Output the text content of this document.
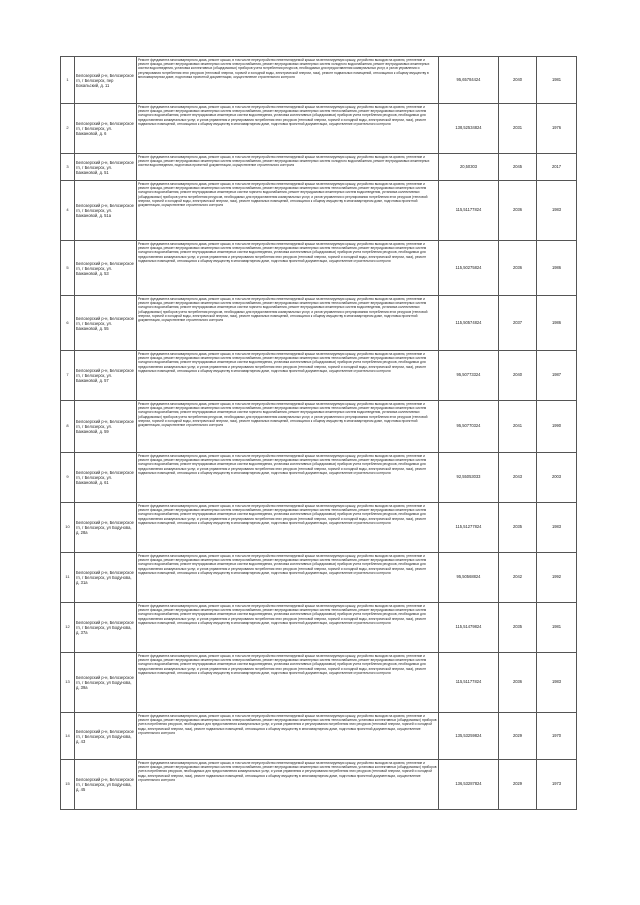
1	Белозерский р-н, Белозерское гп, г Белозерск, пер Бокальский, д. 11	Ремонт фундамента многоквартирного дома, ремонт крыши, в том числе переустройство невентилируемой крыши на вентилируемую крышу, устройство выходов на кровлю, утепление и ремонт фасада, ремонт внутридомовых инженерных систем электроснабжения, ремонт внутридомовых инженерных систем холодного водоснабжения, ремонт внутридомовых инженерных систем водоотведения, установка коллективных (общедомовых) приборов учета потребления ресурсов, необходимых для предоставления коммунальных услуг, и узлов управления и регулирования потребления этих ресурсов (тепловой энергии, горячей и холодной воды, электрической энергии, газа), ремонт подвальных помещений, относящихся к общему имуществу в многоквартирном доме, подготовка проектной документации, осуществление строительного контроля	95,65784424	2040	1981
2	Белозерский р-н, Белозерское гп, г Белозерск, ул. Бажановой, д. 6	Ремонт фундамента многоквартирного дома, ремонт крыши, в том числе переустройство невентилируемой крыши на вентилируемую крышу, устройство выходов на кровлю, утепление и ремонт фасада, ремонт внутридомовых инженерных систем электроснабжения, ремонт внутридомовых инженерных систем теплоснабжения, ремонт внутридомовых инженерных систем холодного водоснабжения, ремонт внутридомовых инженерных систем водоотведения, установка коллективных (общедомовых) приборов учета потребления ресурсов, необходимых для предоставления коммунальных услуг, и узлов управления и регулирования потребления этих ресурсов (тепловой энергии, горячей и холодной воды, электрической энергии, газа), ремонт подвальных помещений, относящихся к общему имуществу в многоквартирном доме, подготовка проектной документации, осуществление строительного контроля	138,52534824	2031	1976
3	Белозерский р-н, Белозерское гп, г Белозерск, ул. Бажановой, д. 51	Ремонт фундамента многоквартирного дома, ремонт крыши, в том числе переустройство невентилируемой крыши на вентилируемую крышу, устройство выходов на кровлю, утепление и ремонт фасада, ремонт внутридомовых инженерных систем электроснабжения, ремонт внутридомовых инженерных систем холодного водоснабжения, ремонт внутридомовых инженерных систем водоотведения, подготовка проектной документации, осуществление строительного контроля	20,50303	2045	2017
4	Белозерский р-н, Белозерское гп, г Белозерск, ул. Бажановой, д. 51а	Ремонт фундамента многоквартирного дома, ремонт крыши, в том числе переустройство невентилируемой крыши на вентилируемую крышу, устройство выходов на кровлю, утепление и ремонт фасада, ремонт внутридомовых инженерных систем электроснабжения, ремонт внутридомовых инженерных систем теплоснабжения, ремонт внутридомовых инженерных систем холодного водоснабжения, ремонт внутридомовых инженерных систем горячего водоснабжения, ремонт внутридомовых инженерных систем водоотведения, установка коллективных (общедомовых) приборов учета потребления ресурсов, необходимых для предоставления коммунальных услуг, и узлов управления и регулирования потребления этих ресурсов (тепловой энергии, горячей и холодной воды, электрической энергии, газа), ремонт подвальных помещений, относящихся к общему имуществу в многоквартирном доме, подготовка проектной документации, осуществление строительного контроля	115,51177824	2036	1983
5	Белозерский р-н, Белозерское гп, г Белозерск, ул. Бажановой, д. 53	Ремонт фундамента многоквартирного дома, ремонт крыши, в том числе переустройство невентилируемой крыши на вентилируемую крышу, устройство выходов на кровлю, утепление и ремонт фасада, ремонт внутридомовых инженерных систем электроснабжения, ремонт внутридомовых инженерных систем теплоснабжения, ремонт внутридомовых инженерных систем холодного водоснабжения, ремонт внутридомовых инженерных систем водоотведения, установка коллективных (общедомовых) приборов учета потребления ресурсов, необходимых для предоставления коммунальных услуг, и узлов управления и регулирования потребления этих ресурсов (тепловой энергии, горячей и холодной воды, электрической энергии, газа), ремонт подвальных помещений, относящихся к общему имуществу в многоквартирном доме, подготовка проектной документации, осуществление строительного контроля	115,50275824	2036	1986
6	Белозерский р-н, Белозерское гп, г Белозерск, ул. Бажановой, д. 55	Ремонт фундамента многоквартирного дома, ремонт крыши, в том числе переустройство невентилируемой крыши на вентилируемую крышу, устройство выходов на кровлю, утепление и ремонт фасада, ремонт внутридомовых инженерных систем электроснабжения, ремонт внутридомовых инженерных систем теплоснабжения, ремонт внутридомовых инженерных систем холодного водоснабжения, ремонт внутридомовых инженерных систем горячего водоснабжения, ремонт внутридомовых инженерных систем водоотведения, установка коллективных (общедомовых) приборов учета потребления ресурсов, необходимых для предоставления коммунальных услуг, и узлов управления и регулирования потребления этих ресурсов (тепловой энергии, горячей и холодной воды, электрической энергии, газа), ремонт подвальных помещений, относящихся к общему имуществу в многоквартирном доме, подготовка проектной документации, осуществление строительного контроля	115,50574824	2037	1986
7	Белозерский р-н, Белозерское гп, г Белозерск, ул. Бажановой, д. 57	Ремонт фундамента многоквартирного дома, ремонт крыши, в том числе переустройство невентилируемой крыши на вентилируемую крышу, устройство выходов на кровлю, утепление и ремонт фасада, ремонт внутридомовых инженерных систем электроснабжения, ремонт внутридомовых инженерных систем теплоснабжения, ремонт внутридомовых инженерных систем холодного водоснабжения, ремонт внутридомовых инженерных систем водоотведения, установка коллективных (общедомовых) приборов учета потребления ресурсов, необходимых для предоставления коммунальных услуг, и узлов управления и регулирования потребления этих ресурсов (тепловой энергии, горячей и холодной воды, электрической энергии, газа), ремонт подвальных помещений, относящихся к общему имуществу в многоквартирном доме, подготовка проектной документации, осуществление строительного контроля	95,50773324	2040	1987
8	Белозерский р-н, Белозерское гп, г Белозерск, ул. Бажановой, д. 59	Ремонт фундамента многоквартирного дома, ремонт крыши, в том числе переустройство невентилируемой крыши на вентилируемую крышу, устройство выходов на кровлю, утепление и ремонт фасада, ремонт внутридомовых инженерных систем электроснабжения, ремонт внутридомовых инженерных систем теплоснабжения, ремонт внутридомовых инженерных систем холодного водоснабжения, ремонт внутридомовых инженерных систем горячего водоснабжения, ремонт внутридомовых инженерных систем водоотведения, установка коллективных (общедомовых) приборов учета потребления ресурсов, необходимых для предоставления коммунальных услуг, и узлов управления и регулирования потребления этих ресурсов (тепловой энергии, горячей и холодной воды, электрической энергии, газа), ремонт подвальных помещений, относящихся к общему имуществу в многоквартирном доме, подготовка проектной документации, осуществление строительного контроля	95,50770324	2041	1990
9	Белозерский р-н, Белозерское гп, г Белозерск, ул. Бажановой, д. 61	Ремонт фундамента многоквартирного дома, ремонт крыши, в том числе переустройство невентилируемой крыши на вентилируемую крышу, устройство выходов на кровлю, утепление и ремонт фасада, ремонт внутридомовых инженерных систем электроснабжения, ремонт внутридомовых инженерных систем теплоснабжения, ремонт внутридомовых инженерных систем холодного водоснабжения, ремонт внутридомовых инженерных систем водоотведения, установка коллективных (общедомовых) приборов учета потребления ресурсов, необходимых для предоставления коммунальных услуг, и узлов управления и регулирования потребления этих ресурсов (тепловой энергии, горячей и холодной воды, электрической энергии, газа), ремонт подвальных помещений, относящихся к общему имуществу в многоквартирном доме, подготовка проектной документации, осуществление строительного контроля	92,55053033	2043	2003
10	Белозерский р-н, Белозерское гп, г Белозерск, ул Бодунова, д. 28а	Ремонт фундамента многоквартирного дома, ремонт крыши, в том числе переустройство невентилируемой крыши на вентилируемую крышу, устройство выходов на кровлю, утепление и ремонт фасада, ремонт внутридомовых инженерных систем электроснабжения, ремонт внутридомовых инженерных систем теплоснабжения, ремонт внутридомовых инженерных систем холодного водоснабжения, ремонт внутридомовых инженерных систем водоотведения, установка коллективных (общедомовых) приборов учета потребления ресурсов, необходимых для предоставления коммунальных услуг, и узлов управления и регулирования потребления этих ресурсов (тепловой энергии, горячей и холодной воды, электрической энергии, газа), ремонт подвальных помещений, относящихся к общему имуществу в многоквартирном доме, подготовка проектной документации, осуществление строительного контроля	115,51277824	2035	1983
11	Белозерский р-н, Белозерское гп, г Белозерск, ул Бодунова, д. 31а	Ремонт фундамента многоквартирного дома, ремонт крыши, в том числе переустройство невентилируемой крыши на вентилируемую крышу, устройство выходов на кровлю, утепление и ремонт фасада, ремонт внутридомовых инженерных систем электроснабжения, ремонт внутридомовых инженерных систем теплоснабжения, ремонт внутридомовых инженерных систем холодного водоснабжения, ремонт внутридомовых инженерных систем водоотведения, установка коллективных (общедомовых) приборов учета потребления ресурсов, необходимых для предоставления коммунальных услуг, и узлов управления и регулирования потребления этих ресурсов (тепловой энергии, горячей и холодной воды, электрической энергии, газа), ремонт подвальных помещений, относящихся к общему имуществу в многоквартирном доме, подготовка проектной документации, осуществление строительного контроля	95,50568824	2042	1992
12	Белозерский р-н, Белозерское гп, г Белозерск, ул Бодунова, д. 37а	Ремонт фундамента многоквартирного дома, ремонт крыши, в том числе переустройство невентилируемой крыши на вентилируемую крышу, устройство выходов на кровлю, утепление и ремонт фасада, ремонт внутридомовых инженерных систем электроснабжения, ремонт внутридомовых инженерных систем теплоснабжения, ремонт внутридомовых инженерных систем холодного водоснабжения, ремонт внутридомовых инженерных систем водоотведения, установка коллективных (общедомовых) приборов учета потребления ресурсов, необходимых для предоставления коммунальных услуг, и узлов управления и регулирования потребления этих ресурсов (тепловой энергии, горячей и холодной воды, электрической энергии, газа), ремонт подвальных помещений, относящихся к общему имуществу в многоквартирном доме, подготовка проектной документации, осуществление строительного контроля	115,51479824	2035	1981
13	Белозерский р-н, Белозерское гп, г Белозерск, ул Бодунова, д. 39а	Ремонт фундамента многоквартирного дома, ремонт крыши, в том числе переустройство невентилируемой крыши на вентилируемую крышу, устройство выходов на кровлю, утепление и ремонт фасада, ремонт внутридомовых инженерных систем электроснабжения, ремонт внутридомовых инженерных систем теплоснабжения, ремонт внутридомовых инженерных систем холодного водоснабжения, ремонт внутридомовых инженерных систем водоотведения, установка коллективных (общедомовых) приборов учета потребления ресурсов, необходимых для предоставления коммунальных услуг, и узлов управления и регулирования потребления этих ресурсов (тепловой энергии, горячей и холодной воды, электрической энергии, газа), ремонт подвальных помещений, относящихся к общему имуществу в многоквартирном доме, подготовка проектной документации, осуществление строительного контроля	115,51177824	2036	1983
14	Белозерский р-н, Белозерское гп, г Белозерск, ул Бодунова, д. 43	Ремонт фундамента многоквартирного дома, ремонт крыши, в том числе переустройство невентилируемой крыши на вентилируемую крышу, устройство выходов на кровлю, утепление и ремонт фасада, ремонт внутридомовых инженерных систем электроснабжения, ремонт внутридомовых инженерных систем теплоснабжения, установка коллективных (общедомовых) приборов учета потребления ресурсов, необходимых для предоставления коммунальных услуг, и узлов управления и регулирования потребления этих ресурсов (тепловой энергии, горячей и холодной воды, электрической энергии, газа), ремонт подвальных помещений, относящихся к общему имуществу в многоквартирном доме, подготовка проектной документации, осуществление строительного контроля	135,53259824	2029	1970
15	Белозерский р-н, Белозерское гп, г Белозерск, ул Бодунова, д. 45	Ремонт фундамента многоквартирного дома, ремонт крыши, в том числе переустройство невентилируемой крыши на вентилируемую крышу, устройство выходов на кровлю, утепление и ремонт фасада, ремонт внутридомовых инженерных систем электроснабжения, ремонт внутридомовых инженерных систем теплоснабжения, установка коллективных (общедомовых) приборов учета потребления ресурсов, необходимых для предоставления коммунальных услуг, и узлов управления и регулирования потребления этих ресурсов (тепловой энергии, горячей и холодной воды, электрической энергии, газа), ремонт подвальных помещений, относящихся к общему имуществу в многоквартирном доме, подготовка проектной документации, осуществление строительного контроля	136,53287824	2029	1973
